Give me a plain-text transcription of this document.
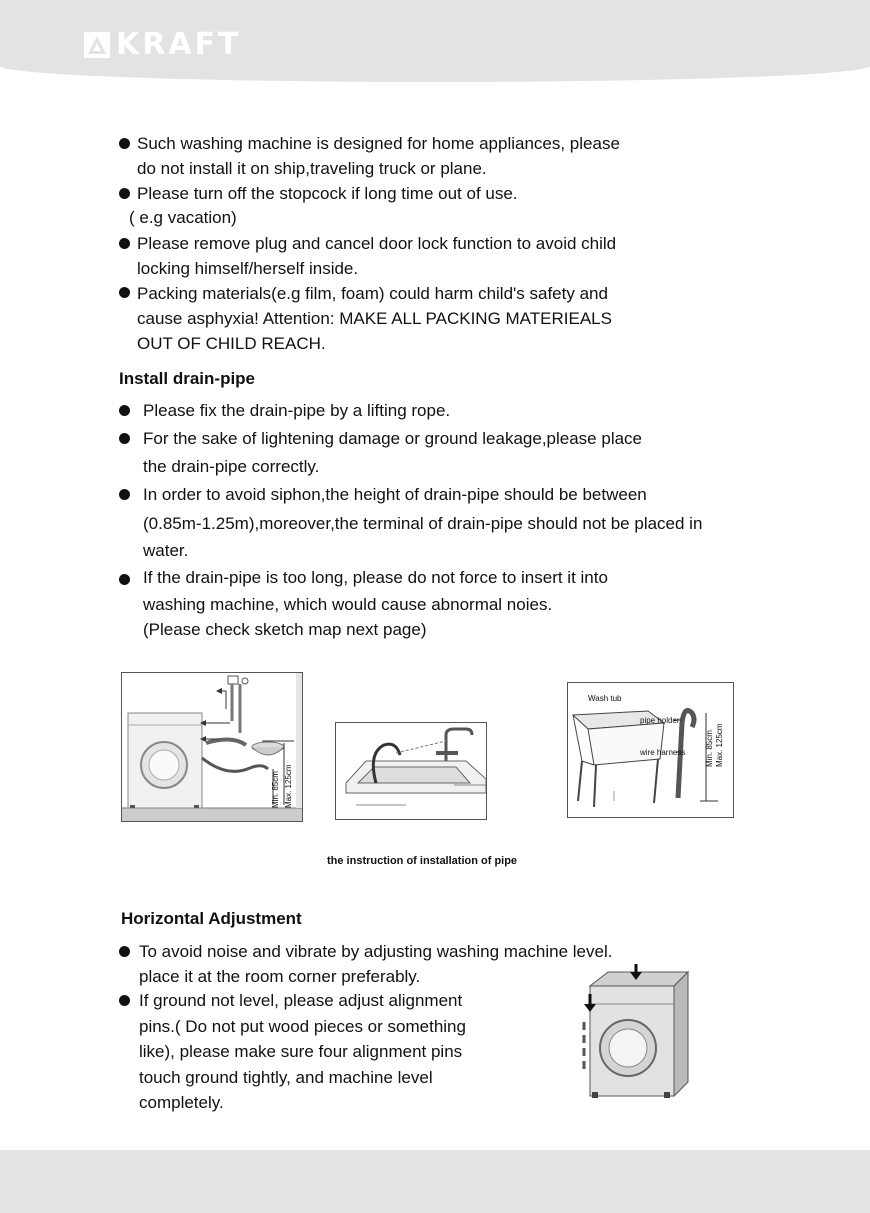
KRAFT
Such washing machine is designed for home appliances, please
do not install it on ship,traveling truck or plane.
Please turn off the stopcock if long time out of use.
( e.g vacation)
Please remove plug and cancel door lock function to avoid child
locking himself/herself inside.
Packing materials(e.g film, foam) could harm child's safety and
cause asphyxia! Attention: MAKE ALL PACKING MATERIEALS
OUT OF CHILD REACH.
Install drain-pipe
Please fix the drain-pipe by a lifting rope.
For the sake of lightening damage or ground leakage,please place
the drain-pipe correctly.
In order to avoid siphon,the height of drain-pipe should be between
(0.85m-1.25m),moreover,the terminal of drain-pipe should not be placed in
water.
If the drain-pipe is too long, please do not force to insert it into
washing machine, which would cause abnormal noies.
(Please check sketch map next page)
Min. 85cm Max. 125cm
Wash tub
pipe holder
wire harness Min. 85cm Max. 125cm
the instruction of installation of pipe
Horizontal Adjustment
To avoid noise and vibrate by adjusting washing machine level.
place it at the room corner preferably.
If ground not level, please adjust alignment
pins.( Do not put wood pieces or something
like), please make sure four alignment pins
touch ground tightly, and machine level
completely.
